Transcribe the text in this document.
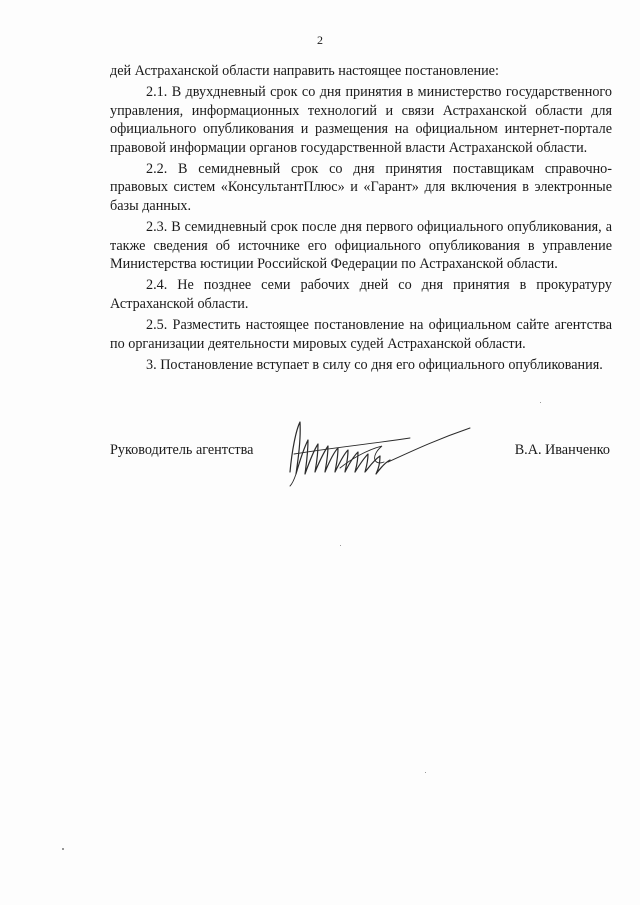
2

дей Астраханской области направить настоящее постановление:

2.1. В двухдневный срок со дня принятия в министерство государственного управления, информационных технологий и связи Астраханской области для официального опубликования и размещения на официальном интернет-портале правовой информации органов государственной власти Астраханской области.

2.2. В семидневный срок со дня принятия поставщикам справочно-правовых систем «КонсультантПлюс» и «Гарант» для включения в электронные базы данных.

2.3. В семидневный срок после дня первого официального опубликования, а также сведения об источнике его официального опубликования в управление Министерства юстиции Российской Федерации по Астраханской области.

2.4. Не позднее семи рабочих дней со дня принятия в прокуратуру Астраханской области.

2.5. Разместить настоящее постановление на официальном сайте агентства по организации деятельности мировых судей Астраханской области.

3. Постановление вступает в силу со дня его официального опубликования.

Руководитель агентства	В.А. Иванченко
